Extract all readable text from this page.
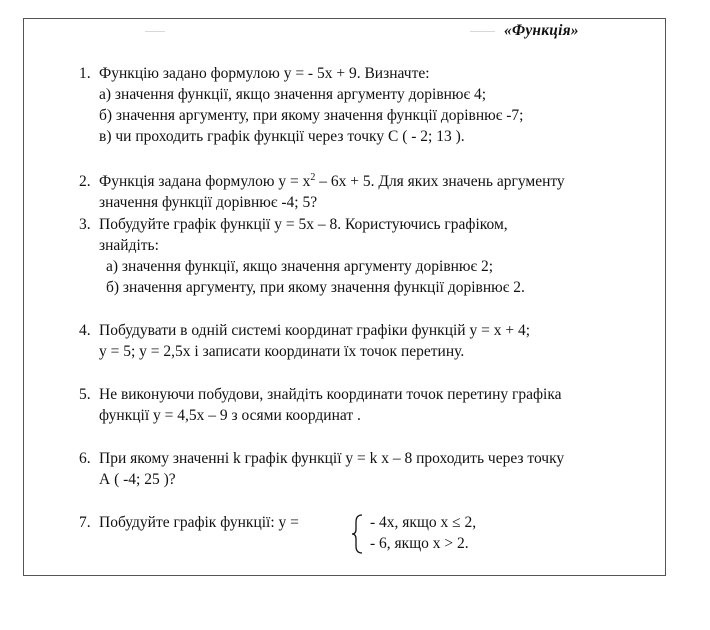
«Функція»
1. Функцію задано формулою у = - 5х + 9. Визначте:
а) значення функції, якщо значення аргументу дорівнює 4;
б) значення аргументу, при якому значення функції дорівнює -7;
в) чи проходить графік функції через точку С ( - 2; 13 ).
2. Функція задана формулою $у = х^2 - 6х + 5$. Для яких значень аргументу
значення функції дорівнює -4; 5?
3. Побудуйте графік функції у = 5х – 8. Користуючись графіком,
знайдіть:
а) значення функції, якщо значення аргументу дорівнює 2;
б) значення аргументу, при якому значення функції дорівнює 2.
4. Побудувати в одній системі координат графіки функцій у = х + 4;
у = 5; у = 2,5х і записати координати їх точок перетину.
5. Не виконуючи побудови, знайдіть координати точок перетину графіка
функції у = 4,5х – 9 з осями координат .
6. При якому значенні k графік функції у = k х – 8 проходить через точку
А ( -4; 25 )?
7. Побудуйте графік функції: у =	- 4х, якщо х ≤ 2,
- 6, якщо х > 2.
